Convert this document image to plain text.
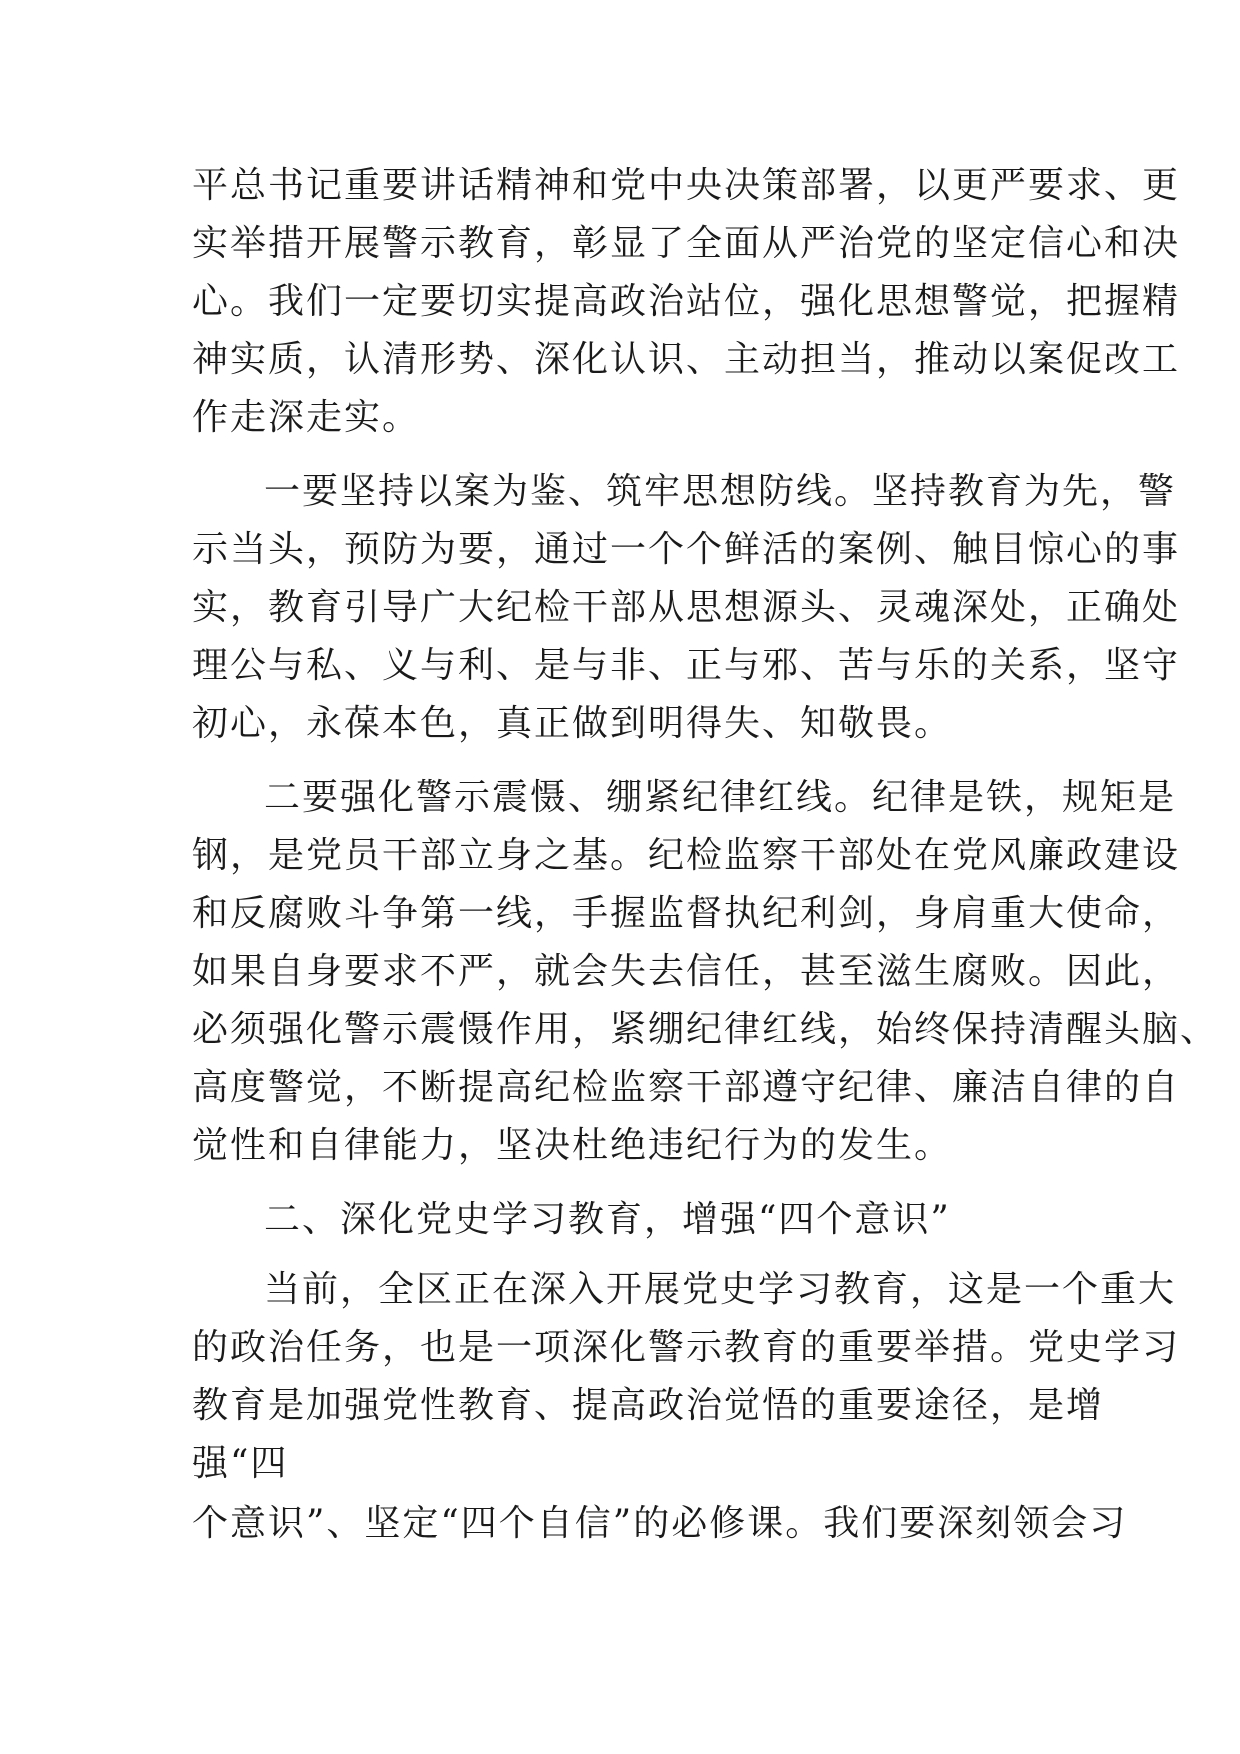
平总书记重要讲话精神和党中央决策部署，以更严要求、更

实举措开展警示教育，彰显了全面从严治党的坚定信心和决

心。我们一定要切实提高政治站位，强化思想警觉，把握精

神实质，认清形势、深化认识、主动担当，推动以案促改工

作走深走实。

一要坚持以案为鉴、筑牢思想防线。坚持教育为先，警

示当头，预防为要，通过一个个鲜活的案例、触目惊心的事

实，教育引导广大纪检干部从思想源头、灵魂深处，正确处

理公与私、义与利、是与非、正与邪、苦与乐的关系，坚守

初心，永葆本色，真正做到明得失、知敬畏。

二要强化警示震慑、绷紧纪律红线。纪律是铁，规矩是

钢，是党员干部立身之基。纪检监察干部处在党风廉政建设

和反腐败斗争第一线，手握监督执纪利剑，身肩重大使命，

如果自身要求不严，就会失去信任，甚至滋生腐败。因此，

必须强化警示震慑作用，紧绷纪律红线，始终保持清醒头脑、

高度警觉，不断提高纪检监察干部遵守纪律、廉洁自律的自

觉性和自律能力，坚决杜绝违纪行为的发生。

二、深化党史学习教育，增强“四个意识”

当前，全区正在深入开展党史学习教育，这是一个重大

的政治任务，也是一项深化警示教育的重要举措。党史学习

教育是加强党性教育、提高政治觉悟的重要途径，是增

强“四

个意识”、坚定“四个自信”的必修课。我们要深刻领会习
